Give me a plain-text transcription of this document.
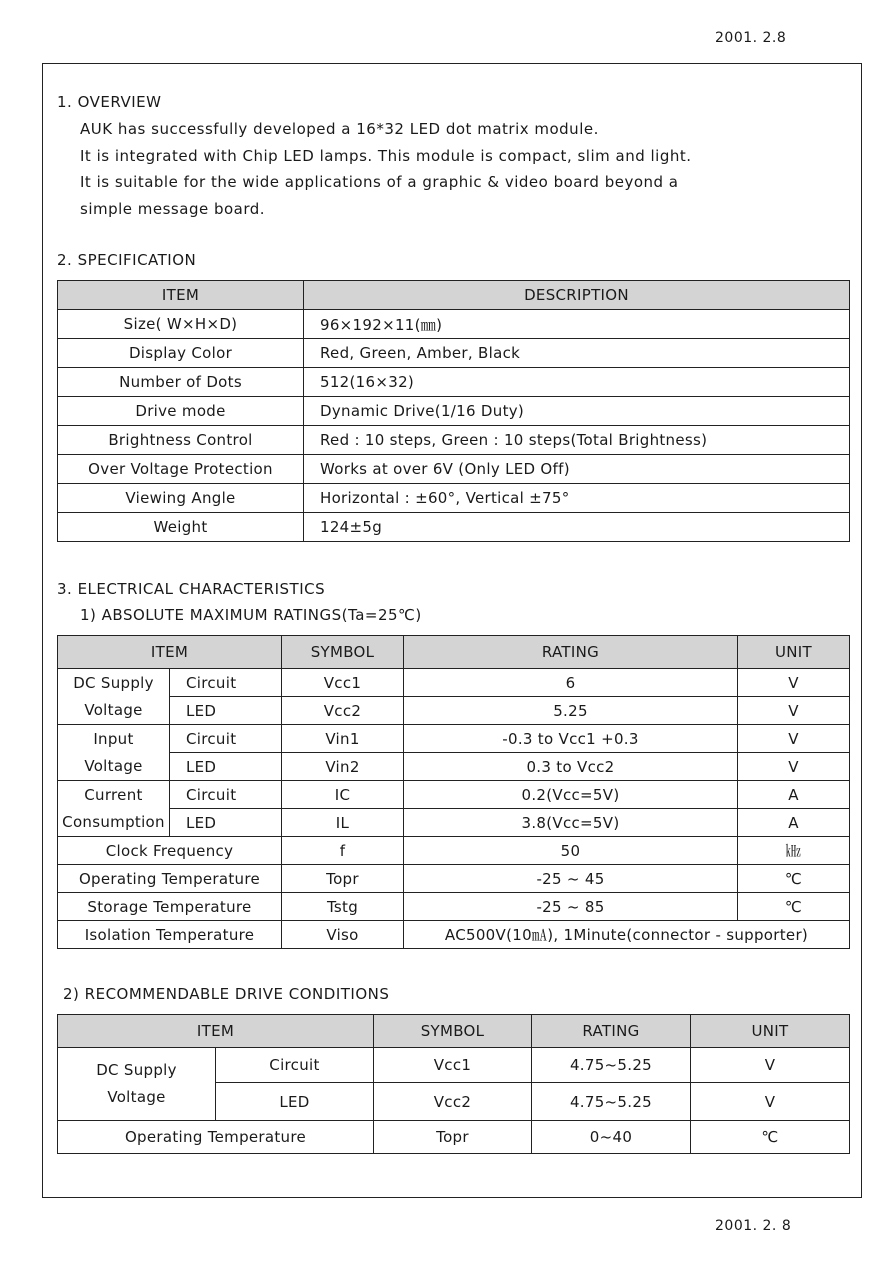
2001. 2.8
1. OVERVIEW
AUK has successfully developed a 16*32 LED dot matrix module.
It is integrated with Chip LED lamps. This module is compact, slim and light.
It is suitable for the wide applications of a graphic & video board beyond a
simple message board.
2. SPECIFICATION
ITEM	DESCRIPTION
Size( W×H×D)	96×192×11(㎜)
Display Color	Red, Green, Amber, Black
Number of Dots	512(16×32)
Drive mode	Dynamic Drive(1/16 Duty)
Brightness Control	Red : 10 steps, Green : 10 steps(Total Brightness)
Over Voltage Protection	Works at over 6V (Only LED Off)
Viewing Angle	Horizontal : ±60°, Vertical ±75°
Weight	124±5g
3. ELECTRICAL CHARACTERISTICS
1) ABSOLUTE MAXIMUM RATINGS(Ta=25℃)
ITEM		SYMBOL	RATING	UNIT

DC Supply
Voltage	Circuit	Vcc1	6	V
	LED	Vcc2	5.25	V

Input
Voltage	Circuit	Vin1	-0.3 to Vcc1 +0.3	V
	LED	Vin2	0.3 to Vcc2	V

Current
Consumption	Circuit	IC	0.2(Vcc=5V)	A
	LED	IL	3.8(Vcc=5V)	A
Clock Frequency		f	50	㎑
Operating Temperature		Topr	-25 ~ 45	℃
Storage Temperature		Tstg	-25 ~ 85	℃
Isolation Temperature		Viso	AC500V(10㎃), 1Minute(connector - supporter)	
2) RECOMMENDABLE DRIVE CONDITIONS
ITEM		SYMBOL	RATING	UNIT

DC Supply
Voltage	Circuit	Vcc1	4.75~5.25	V
	LED	Vcc2	4.75~5.25	V
Operating Temperature		Topr	0~40	℃
2001. 2. 8
